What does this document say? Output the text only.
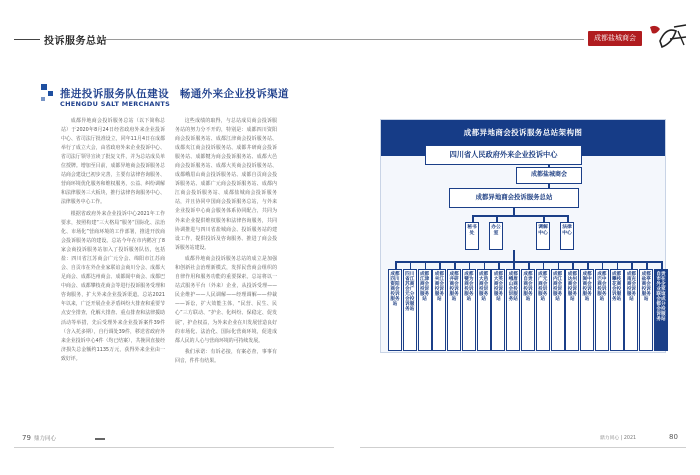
投诉服务总站	成都盐城商会
推进投诉服务队伍建设　畅通外来企业投诉渠道
CHENGDU SALT MERCHANTS

成都异地商会投诉服务总站（以下简称总站）于2020年8月24日经省政府外来企业投诉中心、省司法厅批准设立，同年11月4日在成都举行了成立大会，由省政府外来企业投诉中心、省司法厅领导宣读了批复文件，并为总站成员单位授牌。增加至目前，成都异地商会投诉服务总站商会建设已初步完善，主要有法律咨询服务、营商环境优化服务和维权服务，公益、纠纷调解和法律服务三大板块，推行法律咨询服务中心、法律服务中心工作。

根据省政府外来企业投诉中心2021年工作要求，按照构建“三大格局”服务“国际化、法治化、市场化”营商环境的工作部署，推进开放商会投诉服务站的建设。总站今年在市内鹅宫了8家会商投诉服务站加入了投诉服务队伍，包括盐：四川省江苏商会广元分会、绵阳市江苏商会、自贡市在外企业家联谊会商川分会、成都大足商会、成都达州商会、成都阆中商会、成都巴中商会、成都攀枝花商会等进行投诉服务受理和咨询服务，扩大外来企业投诉渠道。总站2021年以来，广泛开展企业矛盾纠纷大排查和重要节点安全排查，化解大排查、重点排查和法律援助活动等举措，先后受理外来企业投诉案件39件（含入托多期），自行调处39件，移送省政府外来企业投诉中心4件（均已结案），共挽回直接经济损失总金额约1135万元，获得外来企业由一致好评。

这些成绩的取得，与总站成员商会投诉服务站的努力分不开的，特别是：成都四川资阳商会投诉服务站、成都江津商会投诉服务站、成都夹江商会投诉服务站、成都井研商会投诉服务站、成都犍为商会投诉服务站、成都大邑商会投诉服务站、成都大英商会投诉服务站、成都峨眉山商会投诉服务站、成都自贡商会投诉服务站、成都广元商会投诉服务站、成都内江商会投诉服务站、成都盐城商会投诉服务站，并且协同中国商会投诉服务总站，与外来企业投诉中心商会服务体系协同配合，共同为外来企业提供维权服务和法律咨询服务，共同协调推进与四川省盐城商会、投诉服务站的建设工作，提供投诉及咨询服务、推进了商会投诉服务站建设。

成都异地商会投诉服务总站的成立是加强和创新社会治理新模式，发挥民营商会组织的自律作用和服务功能的重要探索。总站将以一站式服务平台（外来）企业，从投诉受理——民企维护——人民调解——经理调解——仲裁——诉讼，扩大效能主体，“民营、民生、民心”三方联动、“护企、化纠纷、保稳定、促发展”，护企权益，为外来企业在川发展营造良好的市场化、法治化、国际化营商环境，促进成都人民的人心与营商环境的可持续发展。

我们承诺：有诉必接，有案必查，事事有回音，件件有结果。

成都异地商会投诉服务总站架构图
四川省人民政府外来企业投诉中心
成都盐城商会
成都异地商会投诉服务总站
79 鼎力同心	鼎力同心 | 2021	80
秘书处
办公室
调解中心
法律中心
成都四川资阳商会投诉服务站
四川省江苏商会广元分会投诉服务站
成都江津商会投诉服务站
成都夹江商会投诉服务站
成都井研商会投诉服务站
成都犍为商会投诉服务站
成都大邑商会投诉服务站
成都大英商会投诉服务站
成都峨眉山商会投诉服务站
成都自贡商会投诉服务站
成都广元商会投诉服务站
成都内江商会投诉服务站
成都达州商会投诉服务站
成都阆中商会投诉服务站
成都巴中商会投诉服务站
成都攀枝花商会投诉服务站
成都南充商会投诉服务站
成都盐亭商会投诉服务站
自贡市在外企业家联谊会成都分会投诉服务站
